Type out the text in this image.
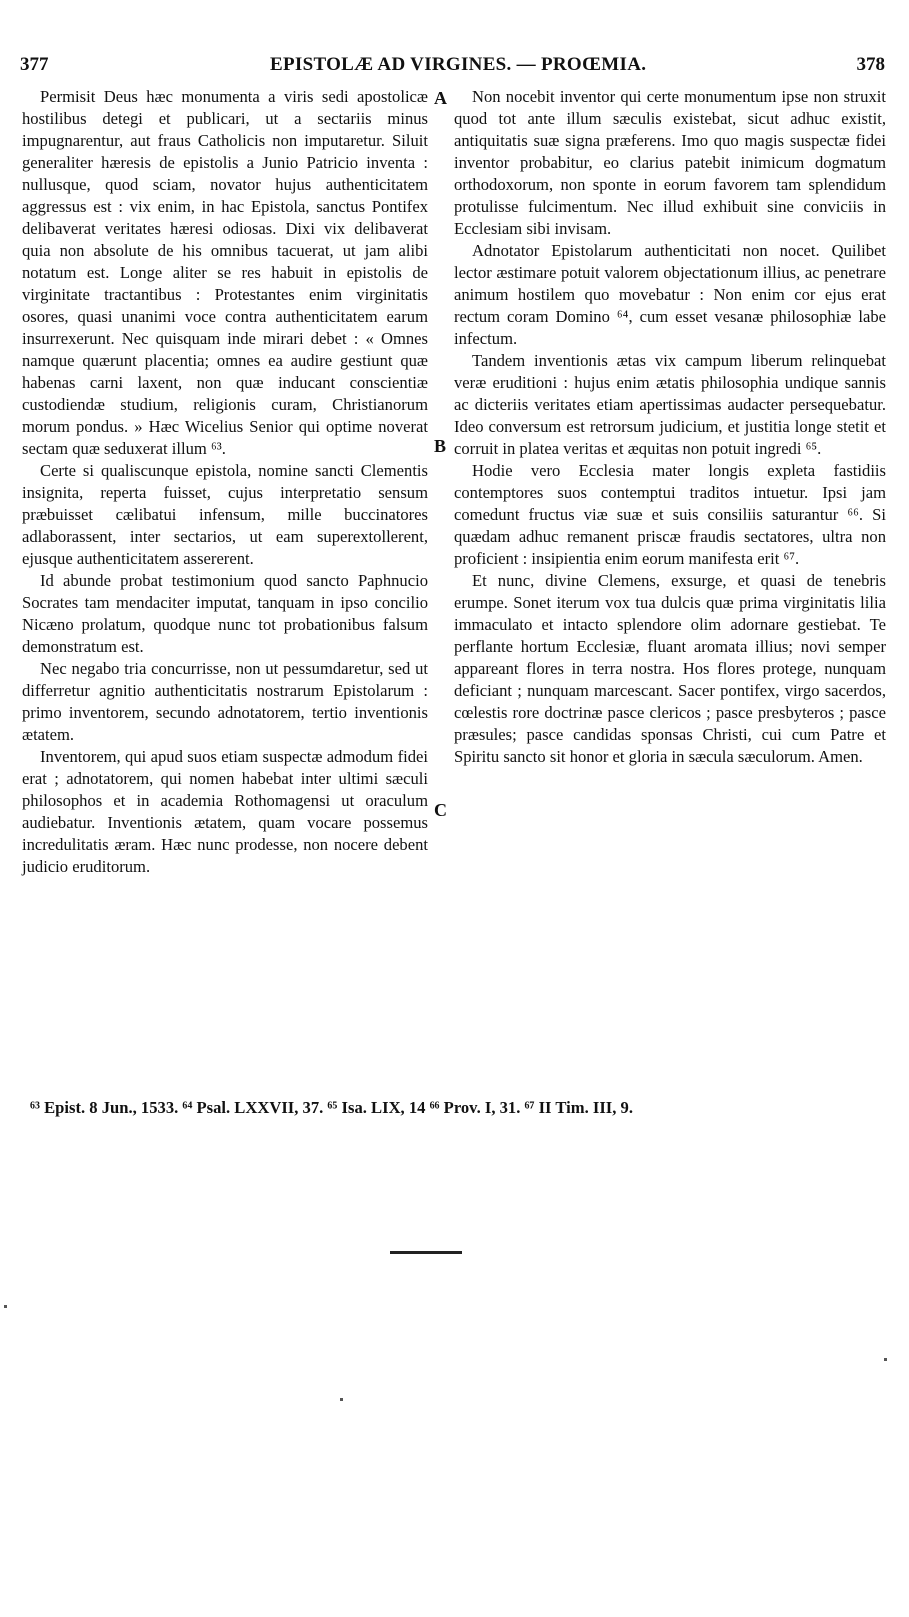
377	EPISTOLÆ AD VIRGINES. — PROŒMIA.	378

Permisit Deus hæc monumenta a viris sedi apostolicæ hostilibus detegi et publicari, ut a sectariis minus impugnarentur, aut fraus Catholicis non imputaretur. Siluit generaliter hæresis de epistolis a Junio Patricio inventa : nullusque, quod sciam, novator hujus authenticitatem aggressus est : vix enim, in hac Epistola, sanctus Pontifex delibaverat veritates hæresi odiosas. Dixi vix delibaverat quia non absolute de his omnibus tacuerat, ut jam alibi notatum est. Longe aliter se res habuit in epistolis de virginitate tractantibus : Protestantes enim virginitatis osores, quasi unanimi voce contra authenticitatem earum insurrexerunt. Nec quisquam inde mirari debet : « Omnes namque quærunt placentia; omnes ea audire gestiunt quæ habenas carni laxent, non quæ inducant conscientiæ custodiendæ studium, religionis curam, Christianorum morum pondus. » Hæc Wicelius Senior qui optime noverat sectam quæ seduxerat illum ⁶³.

Certe si qualiscunque epistola, nomine sancti Clementis insignita, reperta fuisset, cujus interpretatio sensum præbuisset cælibatui infensum, mille buccinatores adlaborassent, inter sectarios, ut eam superextollerent, ejusque authenticitatem assererent.

Id abunde probat testimonium quod sancto Paphnucio Socrates tam mendaciter imputat, tanquam in ipso concilio Nicæno prolatum, quodque nunc tot probationibus falsum demonstratum est.

Nec negabo tria concurrisse, non ut pessumdaretur, sed ut differretur agnitio authenticitatis nostrarum Epistolarum : primo inventorem, secundo adnotatorem, tertio inventionis ætatem.

Inventorem, qui apud suos etiam suspectæ admodum fidei erat ; adnotatorem, qui nomen habebat inter ultimi sæculi philosophos et in academia Rothomagensi ut oraculum audiebatur. Inventionis ætatem, quam vocare possemus incredulitatis æram. Hæc nunc prodesse, non nocere debent judicio eruditorum.

A
B
C

Non nocebit inventor qui certe monumentum ipse non struxit quod tot ante illum sæculis existebat, sicut adhuc existit, antiquitatis suæ signa præferens. Imo quo magis suspectæ fidei inventor probabitur, eo clarius patebit inimicum dogmatum orthodoxorum, non sponte in eorum favorem tam splendidum protulisse fulcimentum. Nec illud exhibuit sine conviciis in Ecclesiam sibi invisam.

Adnotator Epistolarum authenticitati non nocet. Quilibet lector æstimare potuit valorem objectationum illius, ac penetrare animum hostilem quo movebatur : Non enim cor ejus erat rectum coram Domino ⁶⁴, cum esset vesanæ philosophiæ labe infectum.

Tandem inventionis ætas vix campum liberum relinquebat veræ eruditioni : hujus enim ætatis philosophia undique sannis ac dicteriis veritates etiam apertissimas audacter persequebatur. Ideo conversum est retrorsum judicium, et justitia longe stetit et corruit in platea veritas et æquitas non potuit ingredi ⁶⁵.

Hodie vero Ecclesia mater longis expleta fastidiis contemptores suos contemptui traditos intuetur. Ipsi jam comedunt fructus viæ suæ et suis consiliis saturantur ⁶⁶. Si quædam adhuc remanent priscæ fraudis sectatores, ultra non proficient : insipientia enim eorum manifesta erit ⁶⁷.

Et nunc, divine Clemens, exsurge, et quasi de tenebris erumpe. Sonet iterum vox tua dulcis quæ prima virginitatis lilia immaculato et intacto splendore olim adornare gestiebat. Te perflante hortum Ecclesiæ, fluant aromata illius; novi semper appareant flores in terra nostra. Hos flores protege, nunquam deficiant ; nunquam marcescant. Sacer pontifex, virgo sacerdos, cœlestis rore doctrinæ pasce clericos ; pasce presbyteros ; pasce præsules; pasce candidas sponsas Christi, cui cum Patre et Spiritu sancto sit honor et gloria in sæcula sæculorum. Amen.

⁶³ Epist. 8 Jun., 1533. ⁶⁴ Psal. LXXVII, 37. ⁶⁵ Isa. LIX, 14 ⁶⁶ Prov. I, 31. ⁶⁷ II Tim. III, 9.
